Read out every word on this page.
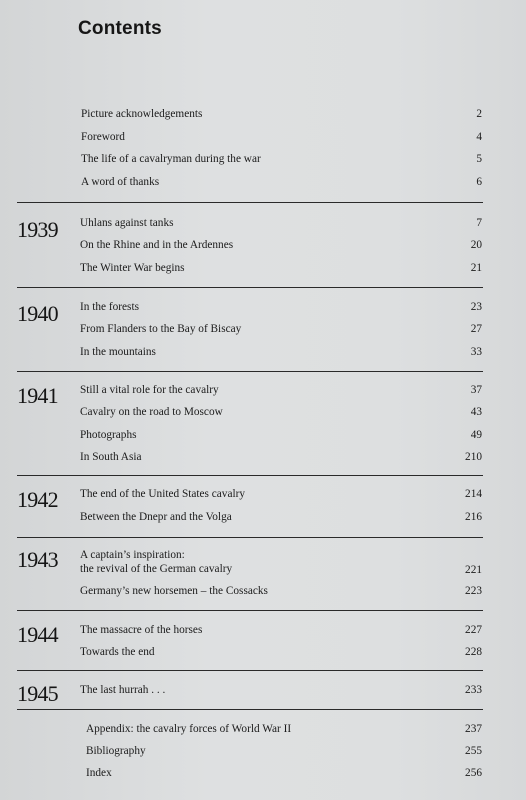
Contents
Picture acknowledgements	2
Foreword	4
The life of a cavalryman during the war	5
A word of thanks	6
1939 Uhlans against tanks	7
On the Rhine and in the Ardennes	20
The Winter War begins	21
1940 In the forests	23
From Flanders to the Bay of Biscay	27
In the mountains	33
1941 Still a vital role for the cavalry	37
Cavalry on the road to Moscow	43
Photographs	49
In South Asia	210
1942 The end of the United States cavalry	214
Between the Dnepr and the Volga	216
1943 A captain’s inspiration:
the revival of the German cavalry	221
Germany’s new horsemen – the Cossacks	223
1944 The massacre of the horses	227
Towards the end	228
1945 The last hurrah . . .	233
Appendix: the cavalry forces of World War II	237
Bibliography	255
Index	256
